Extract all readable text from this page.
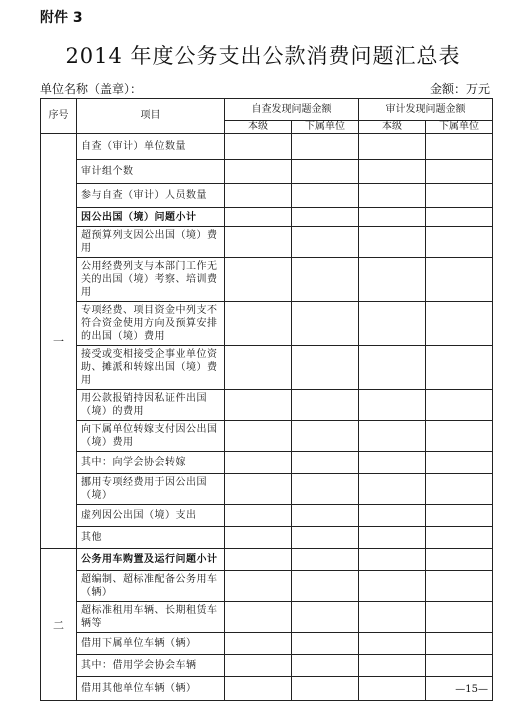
附件 3
2014 年度公务支出公款消费问题汇总表
单位名称（盖章）：	金额：万元
序号	项目	自查发现问题金额		审计发现问题金额	
		本级	下属单位	本级	下属单位
一	自查（审计）单位数量				
	审计组个数				
	参与自查（审计）人员数量				
	因公出国（境）问题小计				
	超预算列支因公出国（境）费用				
	公用经费列支与本部门工作无关的出国（境）考察、培训费用				
	专项经费、项目资金中列支不符合资金使用方向及预算安排的出国（境）费用				
	接受或变相接受企事业单位资助、摊派和转嫁出国（境）费用				
	用公款报销持因私证件出国（境）的费用				
	向下属单位转嫁支付因公出国（境）费用				
	其中：向学会协会转嫁				
	挪用专项经费用于因公出国（境）				
	虚列因公出国（境）支出				
	其他				
二	公务用车购置及运行问题小计				
	超编制、超标准配备公务用车（辆）				
	超标准租用车辆、长期租赁车辆等				
	借用下属单位车辆（辆）				
	其中：借用学会协会车辆				
	借用其他单位车辆（辆）					—15—
